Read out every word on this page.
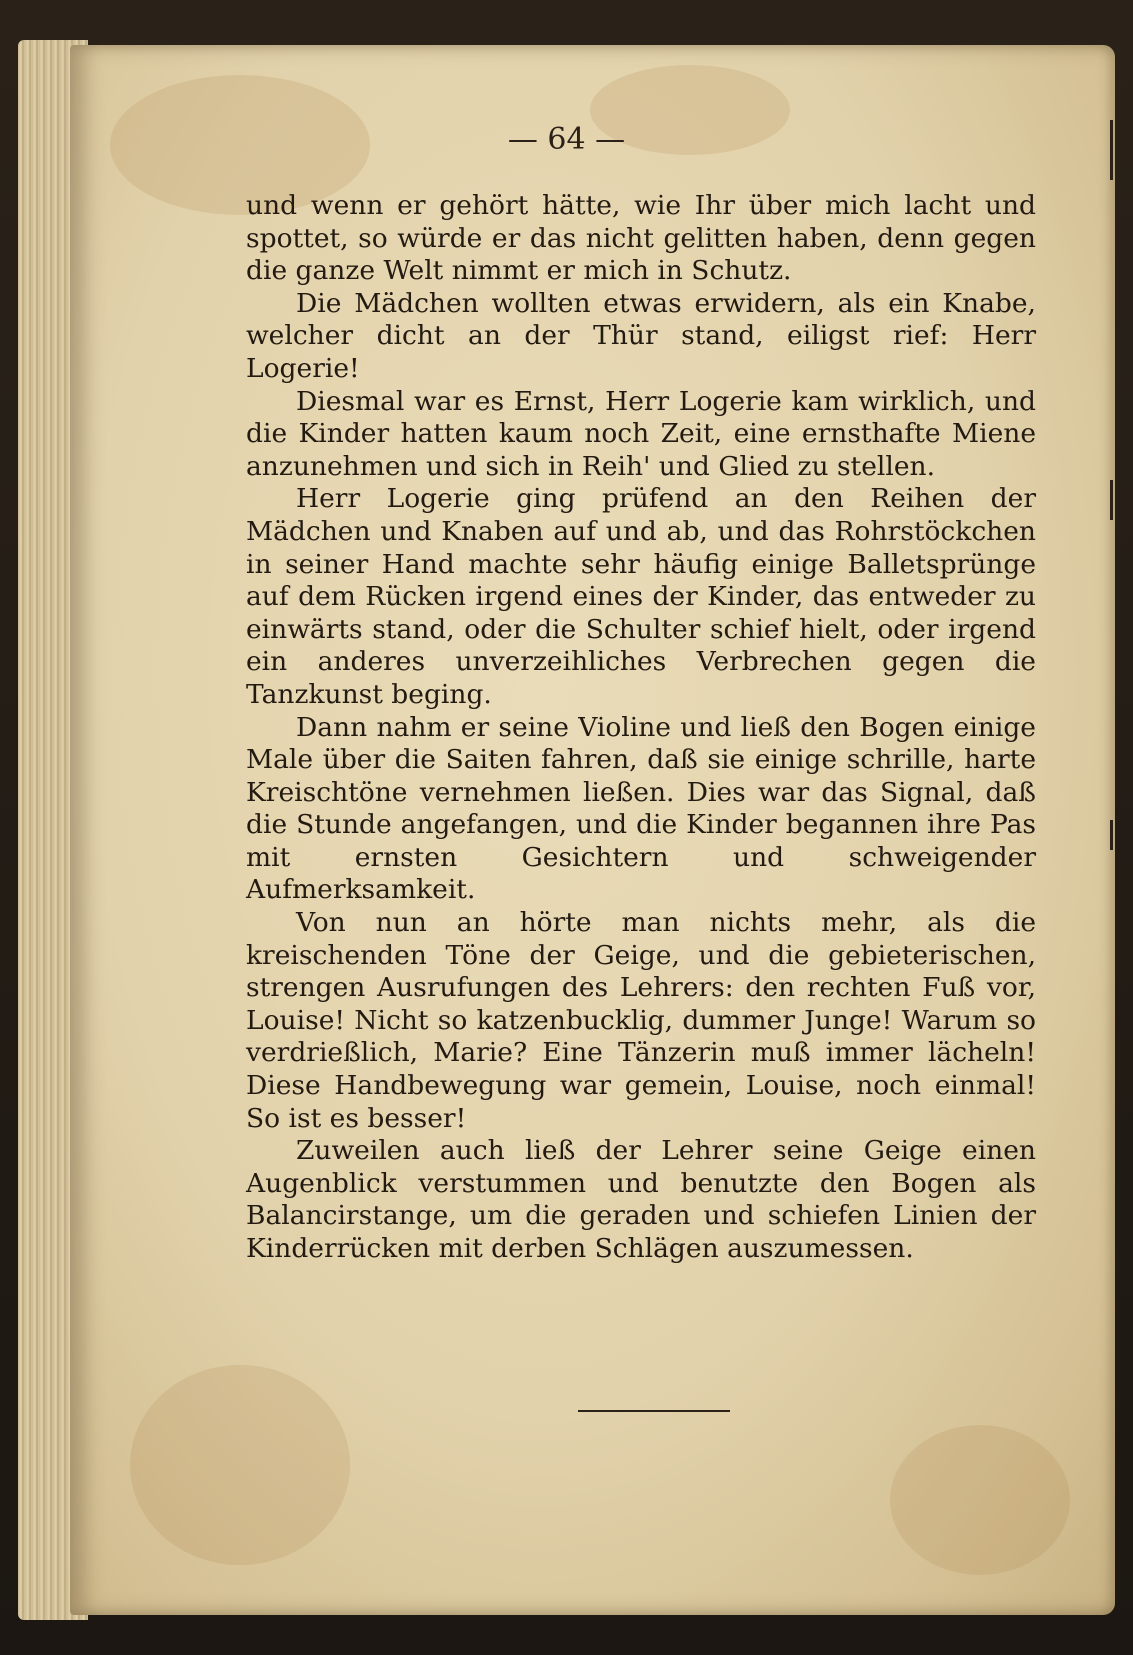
— 64 —

und wenn er gehört hätte, wie Ihr über mich lacht und spottet, so würde er das nicht gelitten haben, denn gegen die ganze Welt nimmt er mich in Schutz.

Die Mädchen wollten etwas erwidern, als ein Knabe, welcher dicht an der Thür stand, eiligst rief: Herr Logerie!

Diesmal war es Ernst, Herr Logerie kam wirklich, und die Kinder hatten kaum noch Zeit, eine ernsthafte Miene anzunehmen und sich in Reih' und Glied zu stellen.

Herr Logerie ging prüfend an den Reihen der Mädchen und Knaben auf und ab, und das Rohrstöckchen in seiner Hand machte sehr häufig einige Balletsprünge auf dem Rücken irgend eines der Kinder, das entweder zu einwärts stand, oder die Schulter schief hielt, oder irgend ein anderes unverzeihliches Verbrechen gegen die Tanzkunst beging.

Dann nahm er seine Violine und ließ den Bogen einige Male über die Saiten fahren, daß sie einige schrille, harte Kreischtöne vernehmen ließen. Dies war das Signal, daß die Stunde angefangen, und die Kinder begannen ihre Pas mit ernsten Gesichtern und schweigender Aufmerksamkeit.

Von nun an hörte man nichts mehr, als die kreischenden Töne der Geige, und die gebieterischen, strengen Ausrufungen des Lehrers: den rechten Fuß vor, Louise! Nicht so katzenbucklig, dummer Junge! Warum so verdrießlich, Marie? Eine Tänzerin muß immer lächeln! Diese Handbewegung war gemein, Louise, noch einmal! So ist es besser!

Zuweilen auch ließ der Lehrer seine Geige einen Augenblick verstummen und benutzte den Bogen als Balancirstange, um die geraden und schiefen Linien der Kinderrücken mit derben Schlägen auszumessen.
